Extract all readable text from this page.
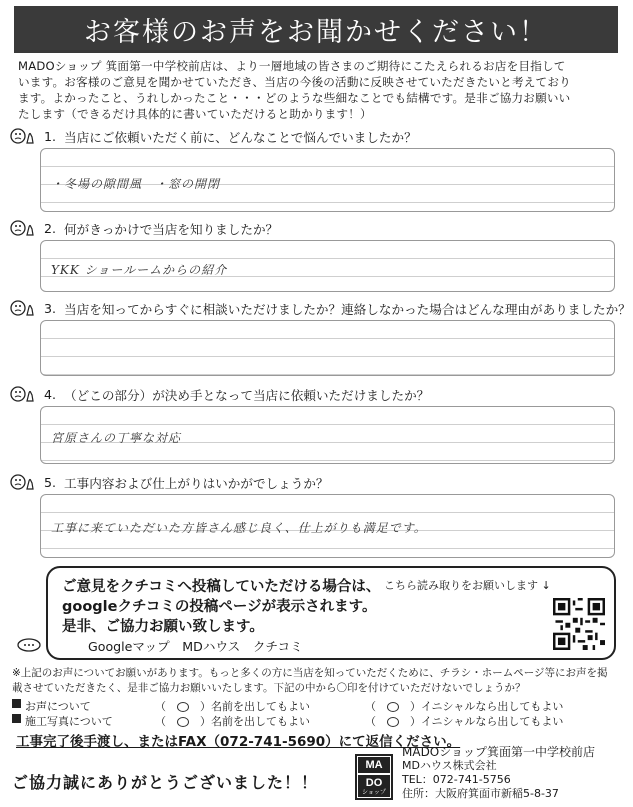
お客様のお声をお聞かせください！
MADOショップ 箕面第一中学校前店は、より一層地域の皆さまのご期待にこたえられるお店を目指して
います。お客様のご意見を聞かせていただき、当店の今後の活動に反映させていただきたいと考えており
ます。よかったこと、うれしかったこと・・・どのような些細なことでも結構です。是非ご協力お願いい
たします（できるだけ具体的に書いていただけると助かります！）
1. 当店にご依頼いただく前に、どんなことで悩んでいましたか？
・冬場の隙間風　・窓の開閉
2. 何がきっかけで当店を知りましたか？
YKK ショールームからの紹介
3. 当店を知ってからすぐに相談いただけましたか？連絡しなかった場合はどんな理由がありましたか？
4. （どこの部分）が決め手となって当店に依頼いただけましたか？
宮原さんの丁寧な対応
5. 工事内容および仕上がりはいかがでしょうか？
工事に来ていただいた方皆さん感じ良く、仕上がりも満足です。
ご意見をクチコミへ投稿していただける場合は、 こちら読み取りをお願いします ↓
googleクチコミの投稿ページが表示されます。
是非、ご協力お願い致します。
Googleマップ　MDハウス　クチコミ
※上記のお声についてお願いがあります。もっと多くの方に当店を知っていただくために、チラシ・ホームページ等にお声を掲
載させていただきたく、是非ご協力お願いいたします。下記の中から〇印を付けていただけないでしょうか？
お声について	（　 ○ 　）名前を出してもよい	（　 ○ 　）イニシャルなら出してもよい
施工写真について	（　 ○ 　）名前を出してもよい	（　 ○ 　）イニシャルなら出してもよい
工事完了後手渡し、またはFAX（072-741-5690）にて返信ください。
ご協力誠にありがとうございました！！
MA
DO
ショップ
MADOショップ箕面第一中学校前店
MDハウス株式会社
TEL：072-741-5756
住所：大阪府箕面市新稲5-8-37
